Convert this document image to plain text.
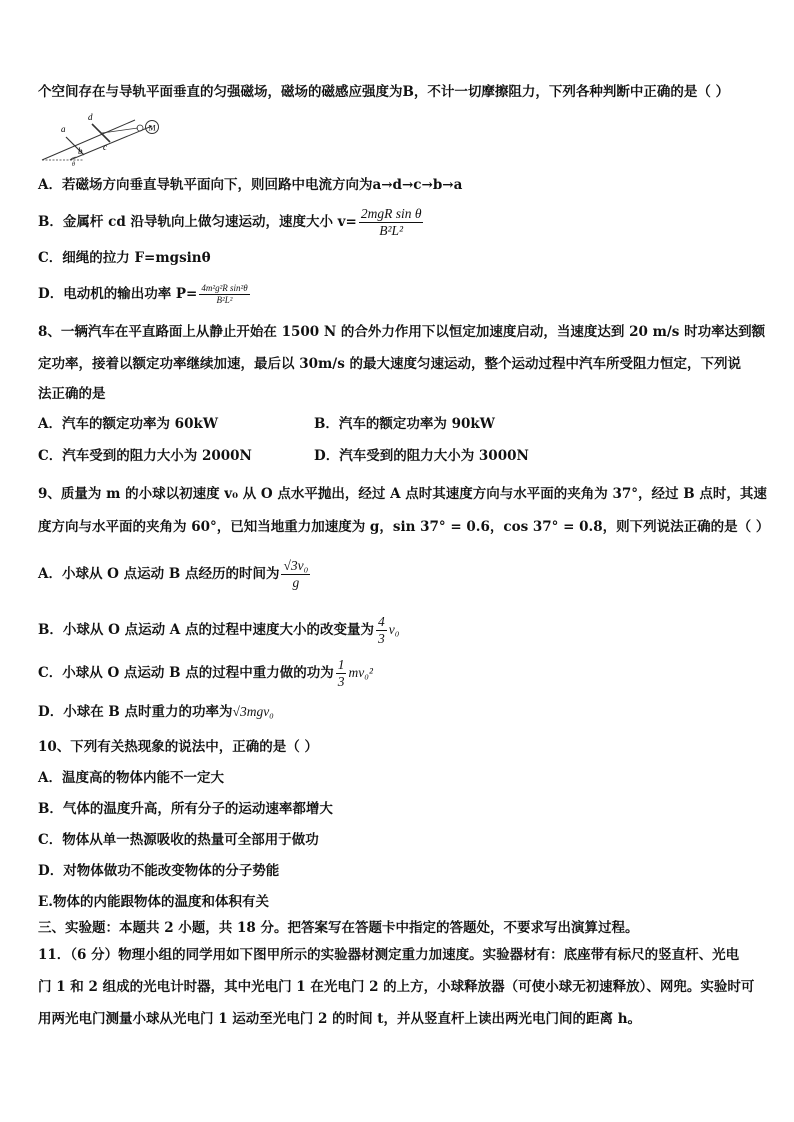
个空间存在与导轨平面垂直的匀强磁场，磁场的磁感应强度为B，不计一切摩擦阻力，下列各种判断中正确的是（ ）
M
a
d
b c
θ
A．若磁场方向垂直导轨平面向下，则回路中电流方向为a→d→c→b→a
B．金属杆 cd 沿导轨向上做匀速运动，速度大小 $v= \frac{\text{2mgR sin θ}}{\text{B²L²}}$
C．细绳的拉力 F=mgsinθ
D．电动机的输出功率 $P= \frac{\text{4m²g²R sin²θ}}{\text{B²L²}}$
8、一辆汽车在平直路面上从静止开始在 1500 N 的合外力作用下以恒定加速度启动，当速度达到 20 m/s 时功率达到额
定功率，接着以额定功率继续加速，最后以 30m/s 的最大速度匀速运动，整个运动过程中汽车所受阻力恒定，下列说
法正确的是
A．汽车的额定功率为 60kW	B．汽车的额定功率为 90kW
C．汽车受到的阻力大小为 2000N	D．汽车受到的阻力大小为 3000N
9、质量为 m 的小球以初速度 v₀ 从 O 点水平抛出，经过 A 点时其速度方向与水平面的夹角为 37°，经过 B 点时，其速
度方向与水平面的夹角为 60°，已知当地重力加速度为 g，sin 37° = 0.6，cos 37° = 0.8，则下列说法正确的是（ ）
A．小球从 O 点运动 B 点经历的时间为 $\frac{\text{√3v₀}}{g}$
B．小球从 O 点运动 A 点的过程中速度大小的改变量为 $\frac{4}{3} v_0$
C．小球从 O 点运动 B 点的过程中重力做的功为 $\frac{1}{3} mv_0^2$
D．小球在 B 点时重力的功率为√3mgv₀
10、下列有关热现象的说法中，正确的是（ ）
A．温度高的物体内能不一定大
B．气体的温度升高，所有分子的运动速率都增大
C．物体从单一热源吸收的热量可全部用于做功
D．对物体做功不能改变物体的分子势能
E.物体的内能跟物体的温度和体积有关
三、实验题：本题共 2 小题，共 18 分。把答案写在答题卡中指定的答题处，不要求写出演算过程。
11．（6 分）物理小组的同学用如下图甲所示的实验器材测定重力加速度。实验器材有：底座带有标尺的竖直杆、光电
门 1 和 2 组成的光电计时器，其中光电门 1 在光电门 2 的上方，小球释放器（可使小球无初速释放）、网兜。实验时可
用两光电门测量小球从光电门 1 运动至光电门 2 的时间 t，并从竖直杆上读出两光电门间的距离 h。
